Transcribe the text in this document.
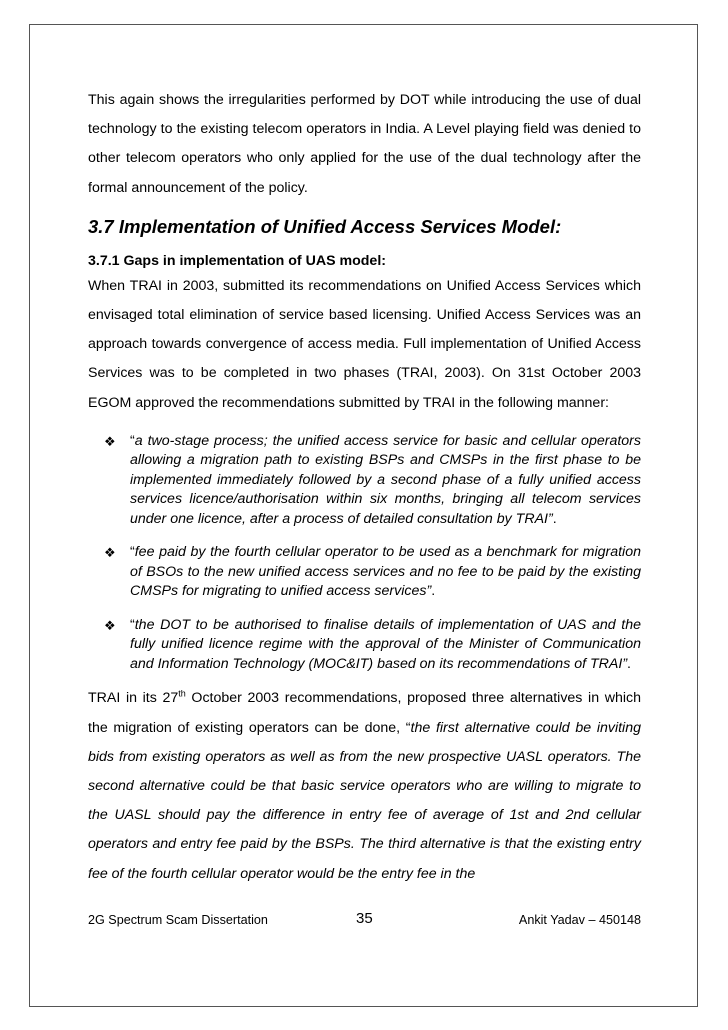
This again shows the irregularities performed by DOT while introducing the use of dual technology to the existing telecom operators in India. A Level playing field was denied to other telecom operators who only applied for the use of the dual technology after the formal announcement of the policy.

3.7 Implementation of Unified Access Services Model:
3.7.1 Gaps in implementation of UAS model:

When TRAI in 2003, submitted its recommendations on Unified Access Services which envisaged total elimination of service based licensing. Unified Access Services was an approach towards convergence of access media. Full implementation of Unified Access Services was to be completed in two phases (TRAI, 2003). On 31st October 2003 EGOM approved the recommendations submitted by TRAI in the following manner:

❖ “a two-stage process; the unified access service for basic and cellular operators allowing a migration path to existing BSPs and CMSPs in the first phase to be implemented immediately followed by a second phase of a fully unified access services licence/authorisation within six months, bringing all telecom services under one licence, after a process of detailed consultation by TRAI”.
❖ “fee paid by the fourth cellular operator to be used as a benchmark for migration of BSOs to the new unified access services and no fee to be paid by the existing CMSPs for migrating to unified access services”.
❖ “the DOT to be authorised to finalise details of implementation of UAS and the fully unified licence regime with the approval of the Minister of Communication and Information Technology (MOC&IT) based on its recommendations of TRAI”.

TRAI in its 27th October 2003 recommendations, proposed three alternatives in which the migration of existing operators can be done, “the first alternative could be inviting bids from existing operators as well as from the new prospective UASL operators. The second alternative could be that basic service operators who are willing to migrate to the UASL should pay the difference in entry fee of average of 1st and 2nd cellular operators and entry fee paid by the BSPs. The third alternative is that the existing entry fee of the fourth cellular operator would be the entry fee in the

2G Spectrum Scam Dissertation	35	Ankit Yadav – 450148
